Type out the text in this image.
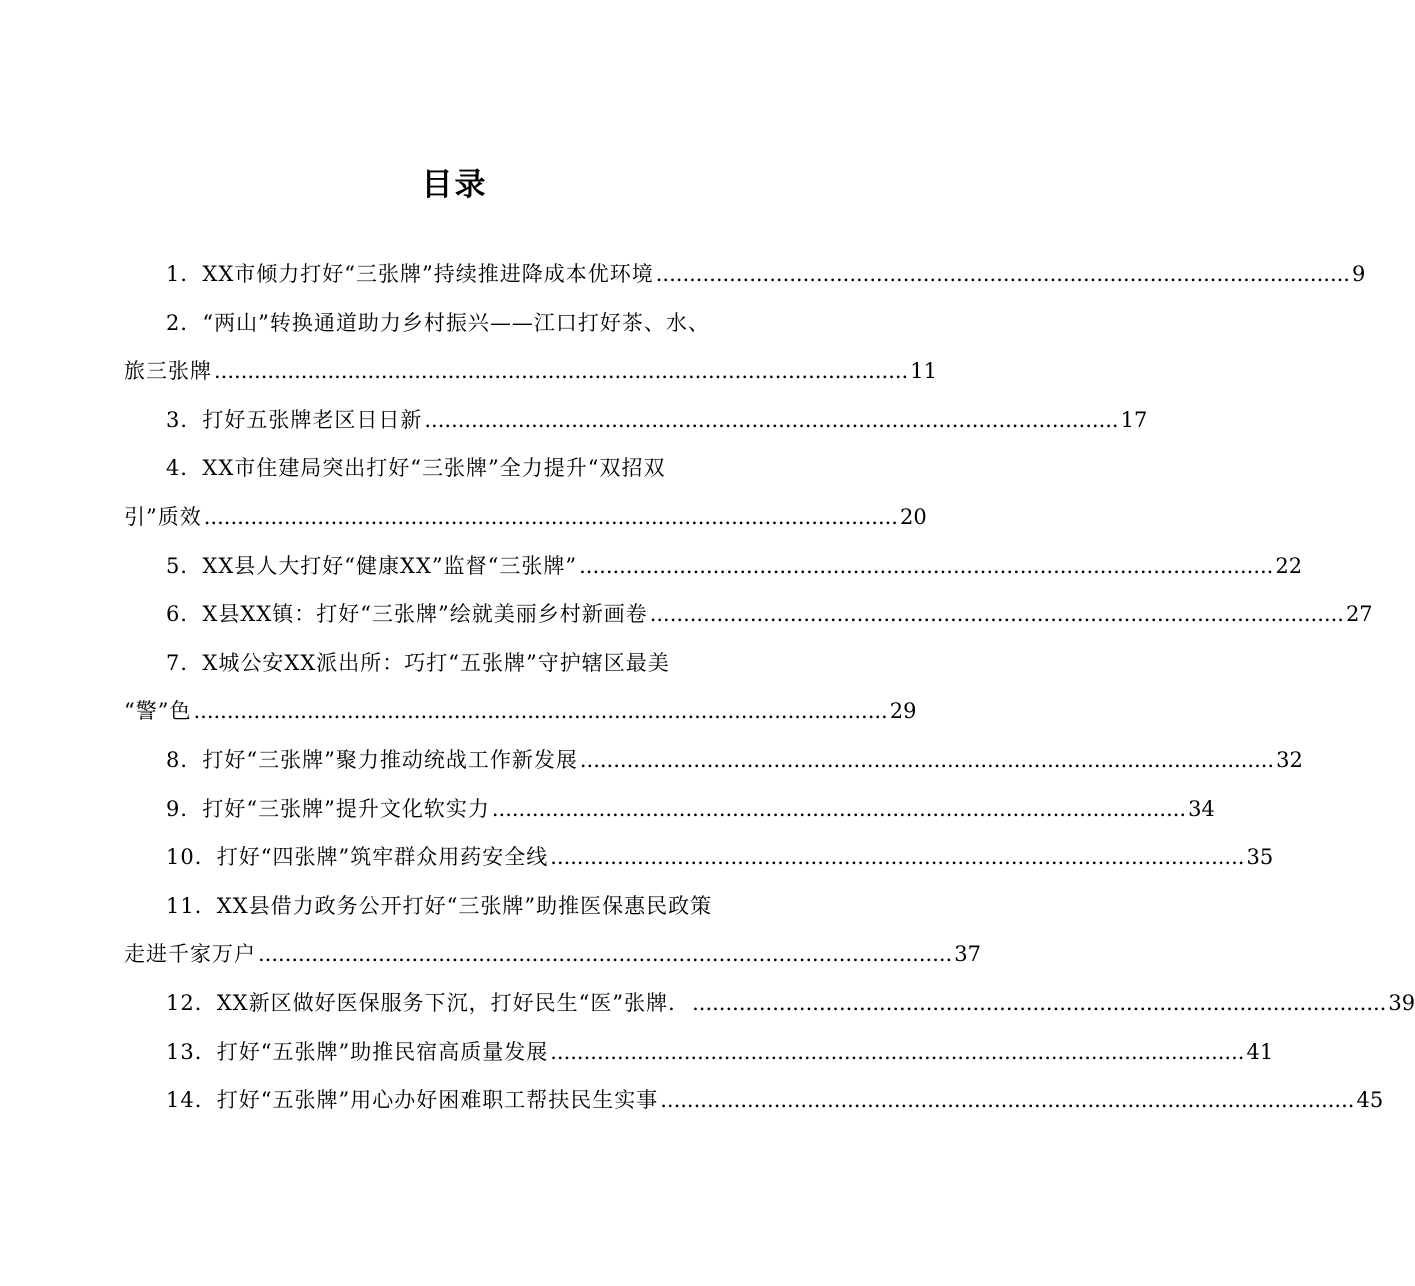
目录
1．XX市倾力打好“三张牌”持续推进降成本优环境 ........................................................................................................ 9
2．“两山”转换通道助力乡村振兴——江口打好茶、水、
旅三张牌 ........................................................................................................ 11
3．打好五张牌老区日日新 ........................................................................................................ 17
4．XX市住建局突出打好“三张牌”全力提升“双招双
引”质效 ........................................................................................................ 20
5．XX县人大打好“健康XX”监督“三张牌” ........................................................................................................ 22
6．X县XX镇：打好“三张牌”绘就美丽乡村新画卷 ........................................................................................................ 27
7．X城公安XX派出所：巧打“五张牌”守护辖区最美
“警”色 ........................................................................................................ 29
8．打好“三张牌”聚力推动统战工作新发展 ........................................................................................................ 32
9．打好“三张牌”提升文化软实力 ........................................................................................................ 34
10．打好“四张牌”筑牢群众用药安全线 ........................................................................................................ 35
11．XX县借力政务公开打好“三张牌”助推医保惠民政策
走进千家万户 ........................................................................................................ 37
12．XX新区做好医保服务下沉，打好民生“医”张牌． ........................................................................................................ 39
13．打好“五张牌”助推民宿高质量发展 ........................................................................................................ 41
14．打好“五张牌”用心办好困难职工帮扶民生实事 ........................................................................................................ 45
